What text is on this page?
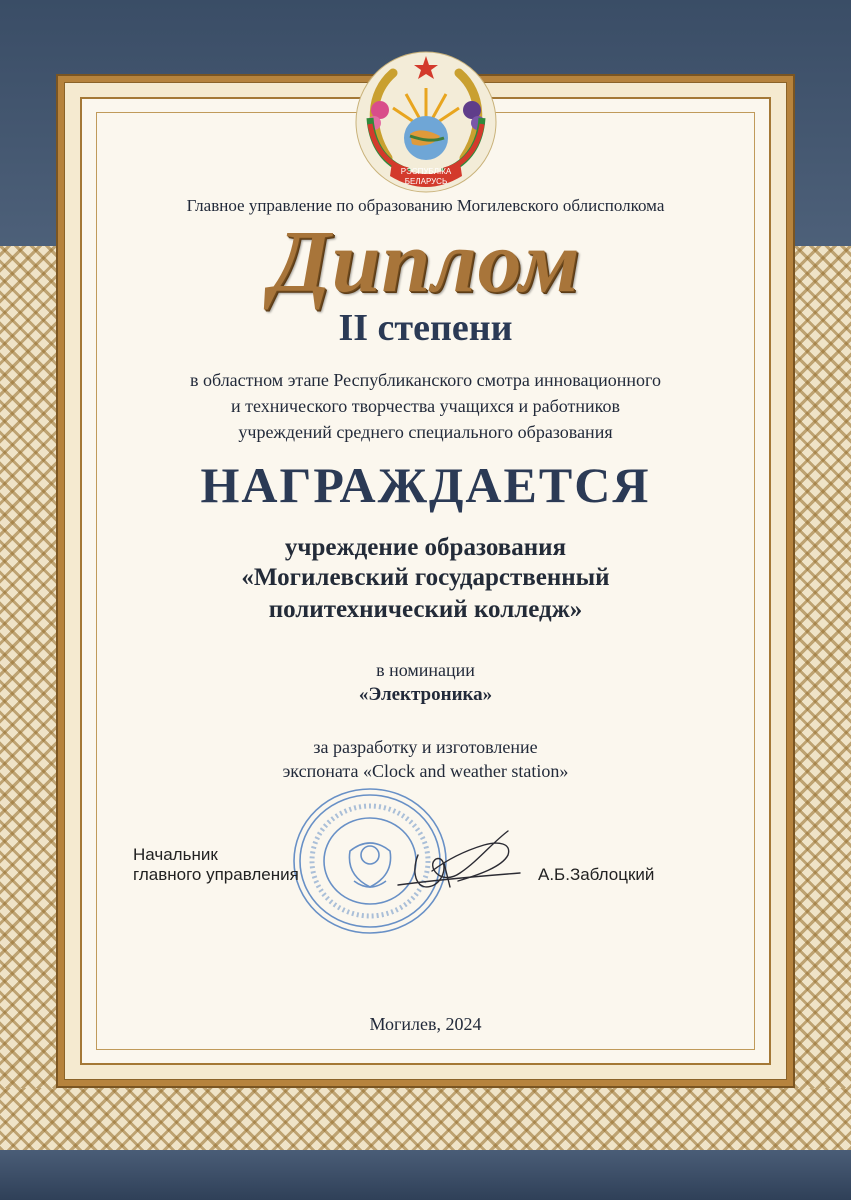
РЭСПУБЛІКА
БЕЛАРУСЬ
Главное управление по образованию Могилевского облисполкома
Диплом
II степени
в областном этапе Республиканского смотра инновационного
и технического творчества учащихся и работников
учреждений среднего специального образования
НАГРАЖДАЕТСЯ
учреждение образования
«Могилевский государственный
политехнический колледж»
в номинации
«Электроника»
за разработку и изготовление
экспоната «Clock and weather station»
Начальник
главного управления	А.Б.Заблоцкий
Могилев, 2024
